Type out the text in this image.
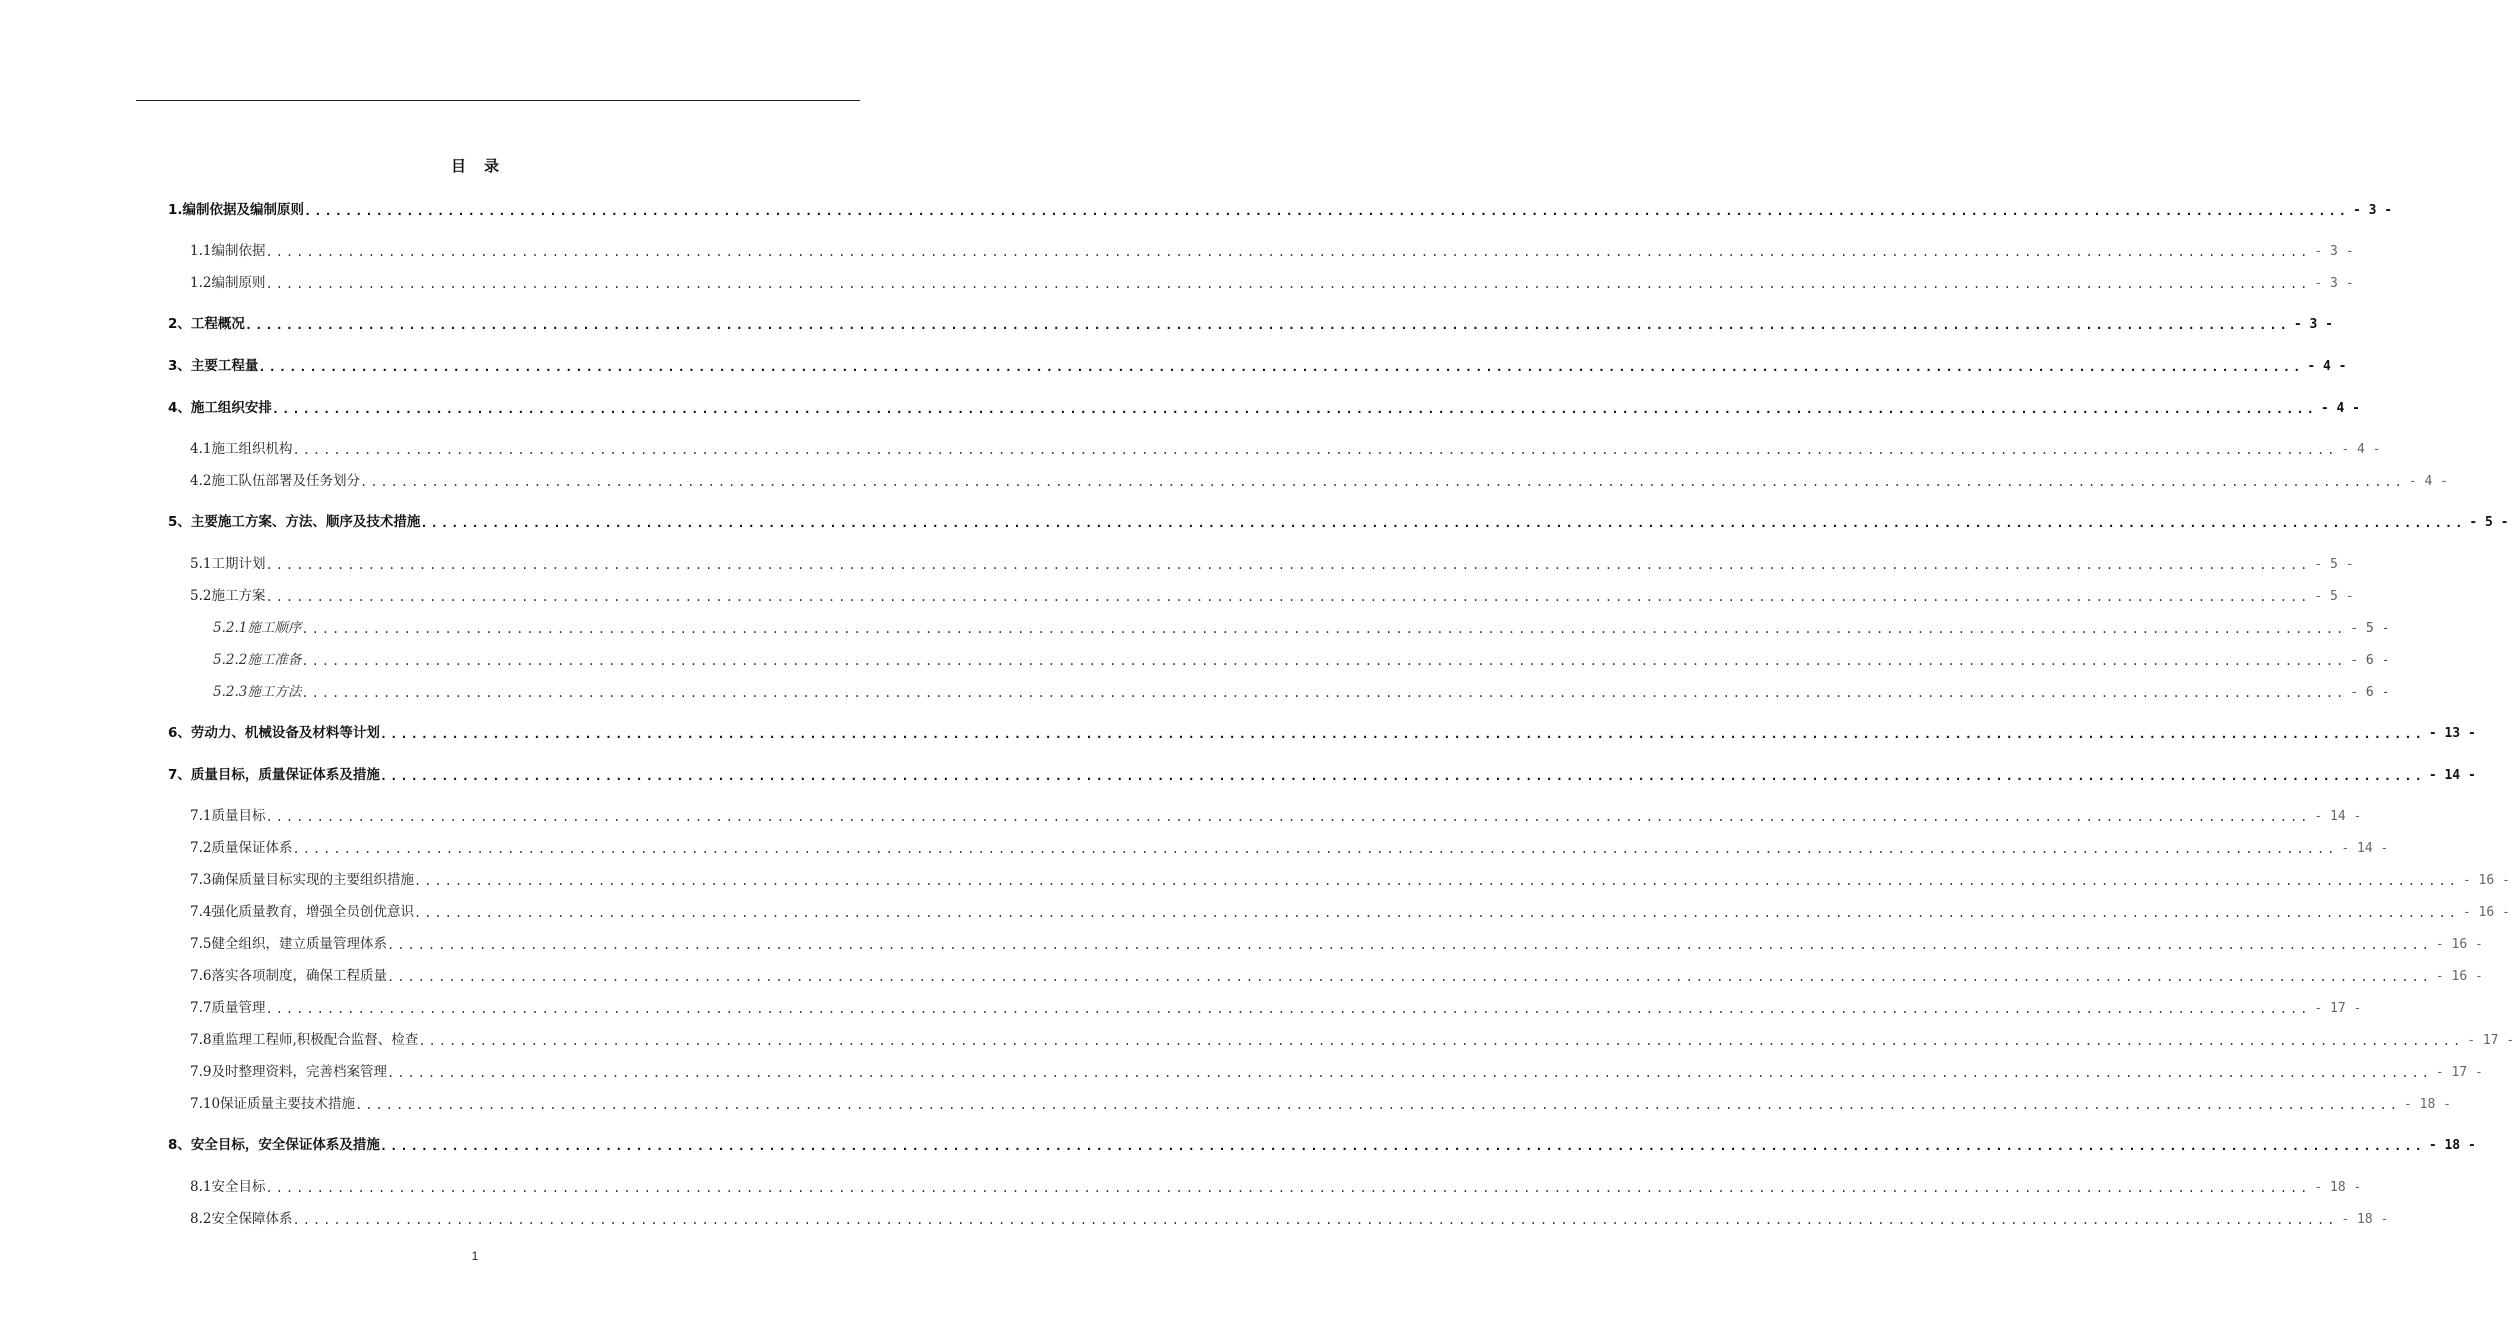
目 录
1.编制依据及编制原则 ........................................................................................................................................................................................................ - 3 -
1.1编制依据 ........................................................................................................................................................................................................ - 3 -
1.2编制原则 ........................................................................................................................................................................................................ - 3 -
2、工程概况 ........................................................................................................................................................................................................ - 3 -
3、主要工程量 ........................................................................................................................................................................................................ - 4 -
4、施工组织安排 ........................................................................................................................................................................................................ - 4 -
4.1施工组织机构 ........................................................................................................................................................................................................ - 4 -
4.2施工队伍部署及任务划分 ........................................................................................................................................................................................................ - 4 -
5、主要施工方案、方法、顺序及技术措施 ........................................................................................................................................................................................................ - 5 -
5.1工期计划 ........................................................................................................................................................................................................ - 5 -
5.2施工方案 ........................................................................................................................................................................................................ - 5 -
5.2.1施工顺序 ........................................................................................................................................................................................................ - 5 -
5.2.2施工准备 ........................................................................................................................................................................................................ - 6 -
5.2.3施工方法 ........................................................................................................................................................................................................ - 6 -
6、劳动力、机械设备及材料等计划 ........................................................................................................................................................................................................ - 13 -
7、质量目标，质量保证体系及措施 ........................................................................................................................................................................................................ - 14 -
7.1质量目标 ........................................................................................................................................................................................................ - 14 -
7.2质量保证体系 ........................................................................................................................................................................................................ - 14 -
7.3确保质量目标实现的主要组织措施 ........................................................................................................................................................................................................ - 16 -
7.4强化质量教育，增强全员创优意识 ........................................................................................................................................................................................................ - 16 -
7.5健全组织，建立质量管理体系 ........................................................................................................................................................................................................ - 16 -
7.6落实各项制度，确保工程质量 ........................................................................................................................................................................................................ - 16 -
7.7质量管理 ........................................................................................................................................................................................................ - 17 -
7.8重监理工程师,积极配合监督、检查 ........................................................................................................................................................................................................ - 17 -
7.9及时整理资料，完善档案管理 ........................................................................................................................................................................................................ - 17 -
7.10保证质量主要技术措施 ........................................................................................................................................................................................................ - 18 -
8、安全目标，安全保证体系及措施 ........................................................................................................................................................................................................ - 18 -
8.1安全目标 ........................................................................................................................................................................................................ - 18 -
8.2安全保障体系 ........................................................................................................................................................................................................ - 18 -
1
